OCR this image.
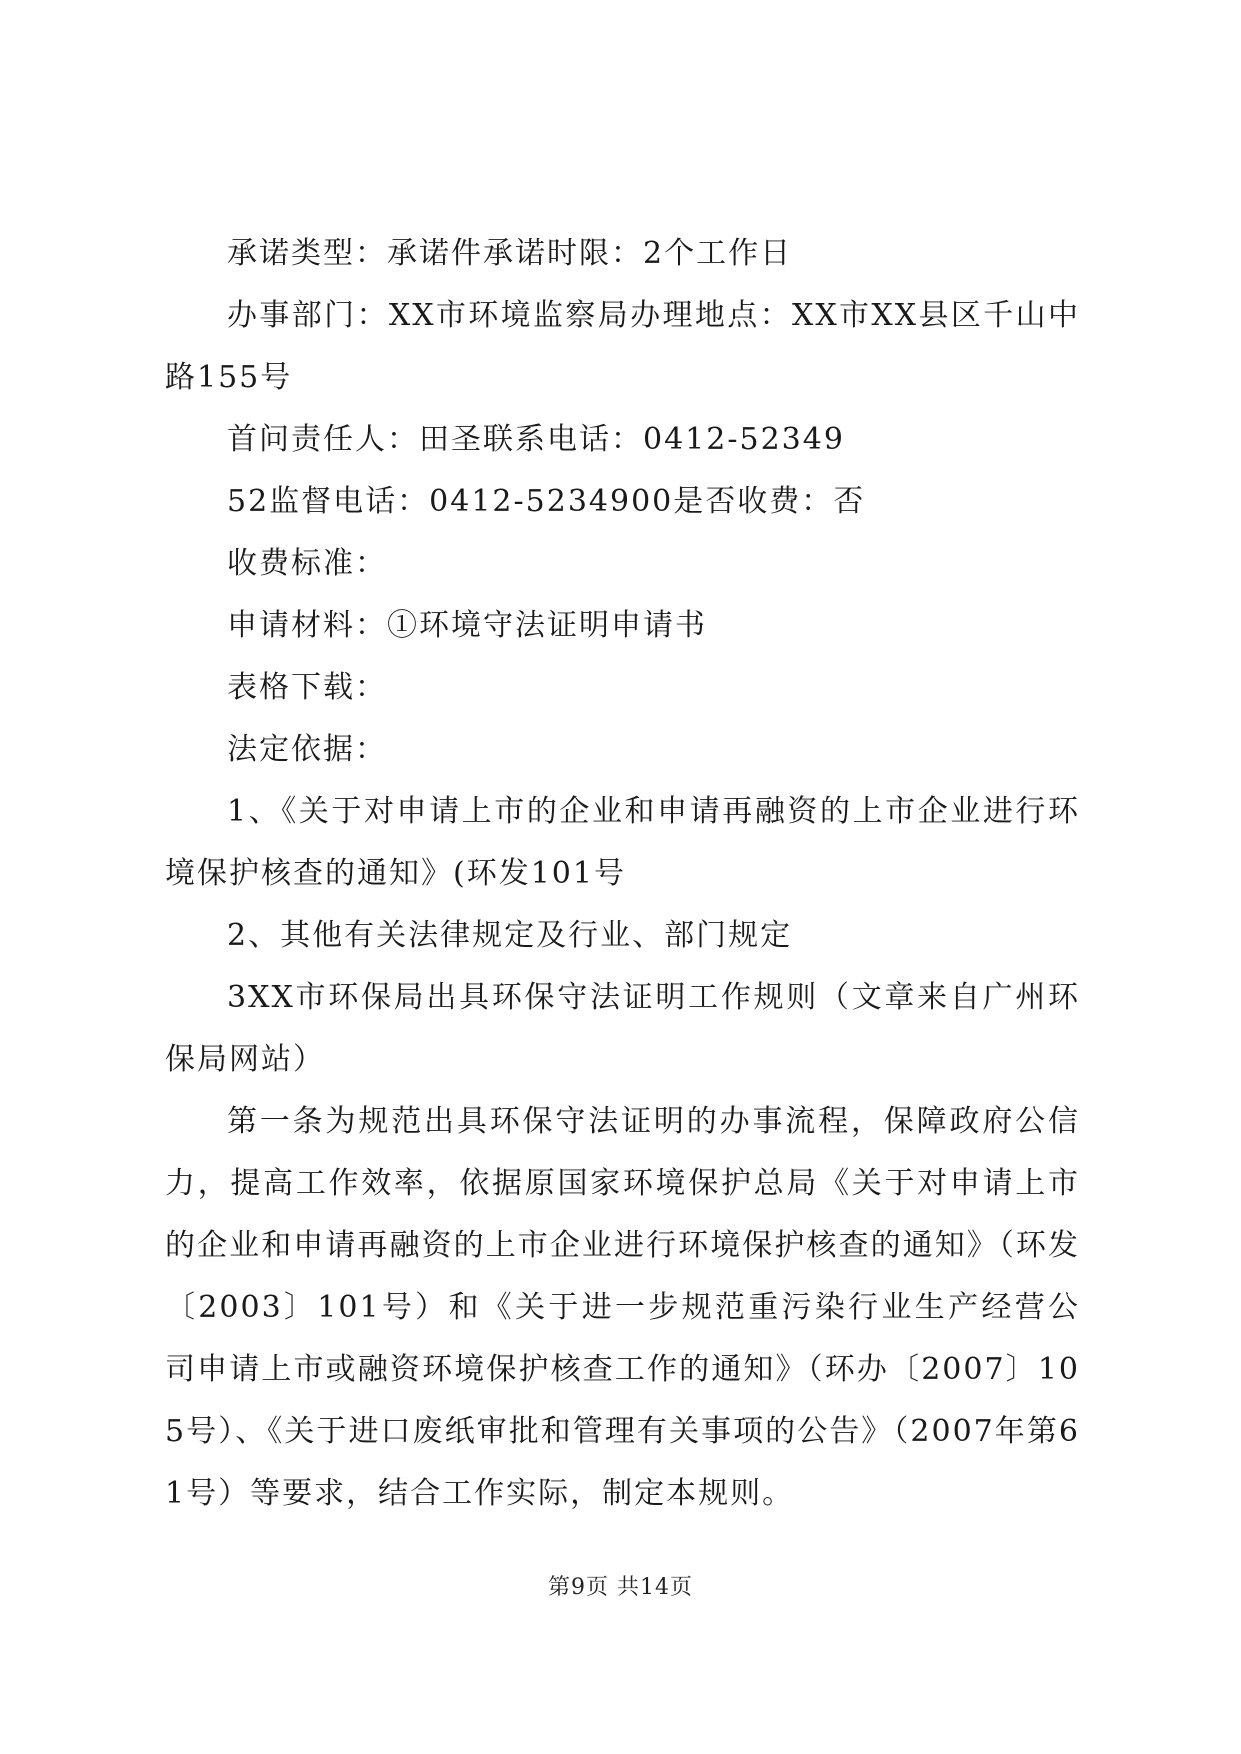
承诺类型：承诺件承诺时限：2个工作日

办事部门：XX市环境监察局办理地点：XX市XX县区千山中路155号

首问责任人：田圣联系电话：0412-52349

52监督电话：0412-5234900是否收费：否

收费标准：

申请材料：①环境守法证明申请书

表格下载：

法定依据：

1、《关于对申请上市的企业和申请再融资的上市企业进行环境保护核查的通知》(环发101号

2、其他有关法律规定及行业、部门规定

3XX市环保局出具环保守法证明工作规则（文章来自广州环保局网站）

第一条为规范出具环保守法证明的办事流程，保障政府公信力，提高工作效率，依据原国家环境保护总局《关于对申请上市的企业和申请再融资的上市企业进行环境保护核查的通知》（环发〔2003〕101号）和《关于进一步规范重污染行业生产经营公司申请上市或融资环境保护核查工作的通知》（环办〔2007〕105号）、《关于进口废纸审批和管理有关事项的公告》（2007年第61号）等要求，结合工作实际，制定本规则。

第9页 共14页
